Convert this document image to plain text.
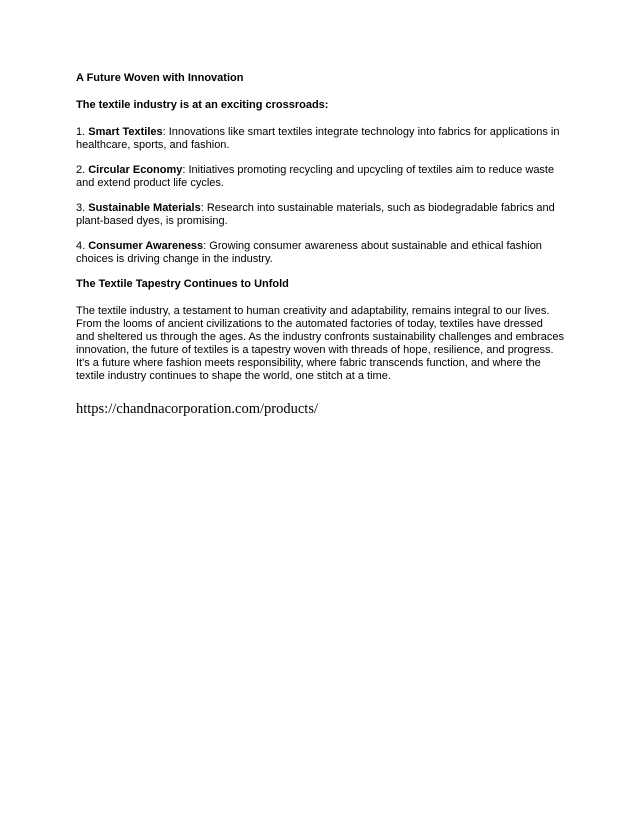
A Future Woven with Innovation

The textile industry is at an exciting crossroads:

1. Smart Textiles: Innovations like smart textiles integrate technology into fabrics for applications in healthcare, sports, and fashion.

2. Circular Economy: Initiatives promoting recycling and upcycling of textiles aim to reduce waste and extend product life cycles.

3. Sustainable Materials: Research into sustainable materials, such as biodegradable fabrics and plant-based dyes, is promising.

4. Consumer Awareness: Growing consumer awareness about sustainable and ethical fashion choices is driving change in the industry.

The Textile Tapestry Continues to Unfold

The textile industry, a testament to human creativity and adaptability, remains integral to our lives. From the looms of ancient civilizations to the automated factories of today, textiles have dressed and sheltered us through the ages. As the industry confronts sustainability challenges and embraces innovation, the future of textiles is a tapestry woven with threads of hope, resilience, and progress. It's a future where fashion meets responsibility, where fabric transcends function, and where the textile industry continues to shape the world, one stitch at a time.

https://chandnacorporation.com/products/
